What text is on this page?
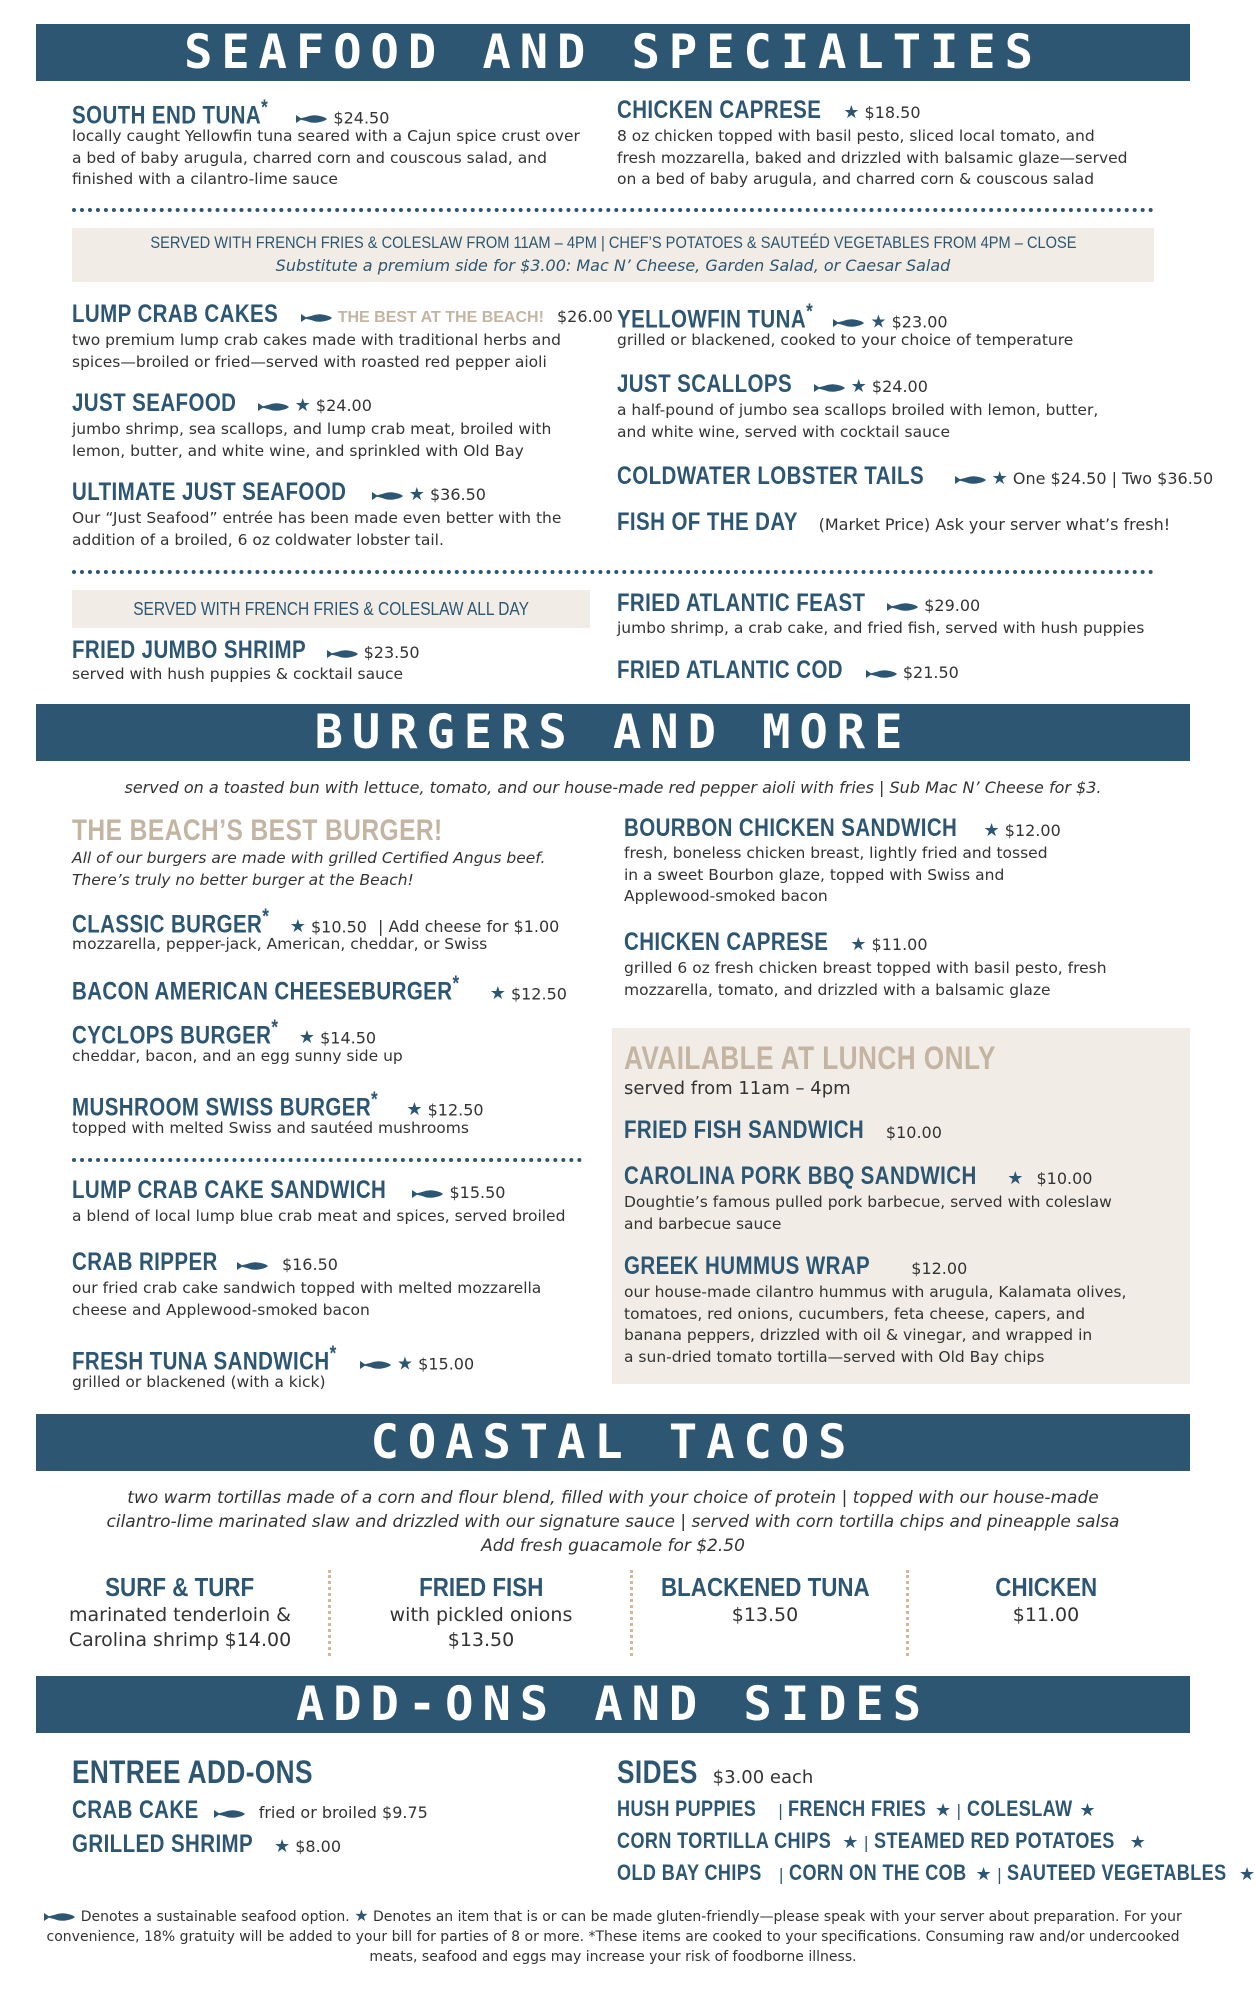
SEAFOOD AND SPECIALTIES
SOUTH END TUNA*	$24.50
locally caught Yellowfin tuna seared with a Cajun spice crust over
a bed of baby arugula, charred corn and couscous salad, and
finished with a cilantro-lime sauce
CHICKEN CAPRESE ★ $18.50
8 oz chicken topped with basil pesto, sliced local tomato, and
fresh mozzarella, baked and drizzled with balsamic glaze—served
on a bed of baby arugula, and charred corn & couscous salad
SERVED WITH FRENCH FRIES & COLESLAW FROM 11AM – 4PM | CHEF’S POTATOES & SAUTEÉD VEGETABLES FROM 4PM – CLOSE
Substitute a premium side for $3.00: Mac N’ Cheese, Garden Salad, or Caesar Salad
LUMP CRAB CAKES	THE BEST AT THE BEACH! $26.00
two premium lump crab cakes made with traditional herbs and
spices—broiled or fried—served with roasted red pepper aioli
JUST SEAFOOD	★ $24.00
jumbo shrimp, sea scallops, and lump crab meat, broiled with
lemon, butter, and white wine, and sprinkled with Old Bay
ULTIMATE JUST SEAFOOD	★ $36.50
Our “Just Seafood” entrée has been made even better with the
addition of a broiled, 6 oz coldwater lobster tail.
YELLOWFIN TUNA*	★ $23.00
grilled or blackened, cooked to your choice of temperature
JUST SCALLOPS	★ $24.00
a half-pound of jumbo sea scallops broiled with lemon, butter,
and white wine, served with cocktail sauce
COLDWATER LOBSTER TAILS	★ One $24.50 | Two $36.50
FISH OF THE DAY (Market Price) Ask your server what’s fresh!
SERVED WITH FRENCH FRIES & COLESLAW ALL DAY
FRIED JUMBO SHRIMP	$23.50
served with hush puppies & cocktail sauce
FRIED ATLANTIC FEAST	$29.00
jumbo shrimp, a crab cake, and fried fish, served with hush puppies
FRIED ATLANTIC COD	$21.50
BURGERS AND MORE
served on a toasted bun with lettuce, tomato, and our house-made red pepper aioli with fries | Sub Mac N’ Cheese for $3.
THE BEACH’S BEST BURGER!
All of our burgers are made with grilled Certified Angus beef.
There’s truly no better burger at the Beach!
CLASSIC BURGER* ★ $10.50 | Add cheese for $1.00
mozzarella, pepper-jack, American, cheddar, or Swiss
BACON AMERICAN CHEESEBURGER* ★ $12.50
CYCLOPS BURGER* ★ $14.50
cheddar, bacon, and an egg sunny side up
MUSHROOM SWISS BURGER* ★ $12.50
topped with melted Swiss and sautéed mushrooms
LUMP CRAB CAKE SANDWICH	$15.50
a blend of local lump blue crab meat and spices, served broiled
CRAB RIPPER	$16.50
our fried crab cake sandwich topped with melted mozzarella
cheese and Applewood-smoked bacon
FRESH TUNA SANDWICH*	★ $15.00
grilled or blackened (with a kick)
BOURBON CHICKEN SANDWICH ★ $12.00
fresh, boneless chicken breast, lightly fried and tossed
in a sweet Bourbon glaze, topped with Swiss and
Applewood-smoked bacon
CHICKEN CAPRESE ★ $11.00
grilled 6 oz fresh chicken breast topped with basil pesto, fresh
mozzarella, tomato, and drizzled with a balsamic glaze
AVAILABLE AT LUNCH ONLY
served from 11am – 4pm
FRIED FISH SANDWICH $10.00
CAROLINA PORK BBQ SANDWICH ★ $10.00
Doughtie’s famous pulled pork barbecue, served with coleslaw
and barbecue sauce
GREEK HUMMUS WRAP	$12.00
our house-made cilantro hummus with arugula, Kalamata olives,
tomatoes, red onions, cucumbers, feta cheese, capers, and
banana peppers, drizzled with oil & vinegar, and wrapped in
a sun-dried tomato tortilla—served with Old Bay chips
COASTAL TACOS
two warm tortillas made of a corn and flour blend, filled with your choice of protein | topped with our house-made
cilantro-lime marinated slaw and drizzled with our signature sauce | served with corn tortilla chips and pineapple salsa
Add fresh guacamole for $2.50
SURF & TURF
marinated tenderloin &
Carolina shrimp $14.00
FRIED FISH
with pickled onions
$13.50
BLACKENED TUNA
$13.50
CHICKEN
$11.00
ADD-ONS AND SIDES
ENTREE ADD-ONS
CRAB CAKE	fried or broiled $9.75
GRILLED SHRIMP ★ $8.00
SIDES $3.00 each
HUSH PUPPIES | FRENCH FRIES ★ | COLESLAW ★
CORN TORTILLA CHIPS ★ | STEAMED RED POTATOES ★
OLD BAY CHIPS | CORN ON THE COB ★ | SAUTEED VEGETABLES ★
Denotes a sustainable seafood option. ★ Denotes an item that is or can be made gluten-friendly—please speak with your server about preparation. For your
convenience, 18% gratuity will be added to your bill for parties of 8 or more. *These items are cooked to your specifications. Consuming raw and/or undercooked
meats, seafood and eggs may increase your risk of foodborne illness.
